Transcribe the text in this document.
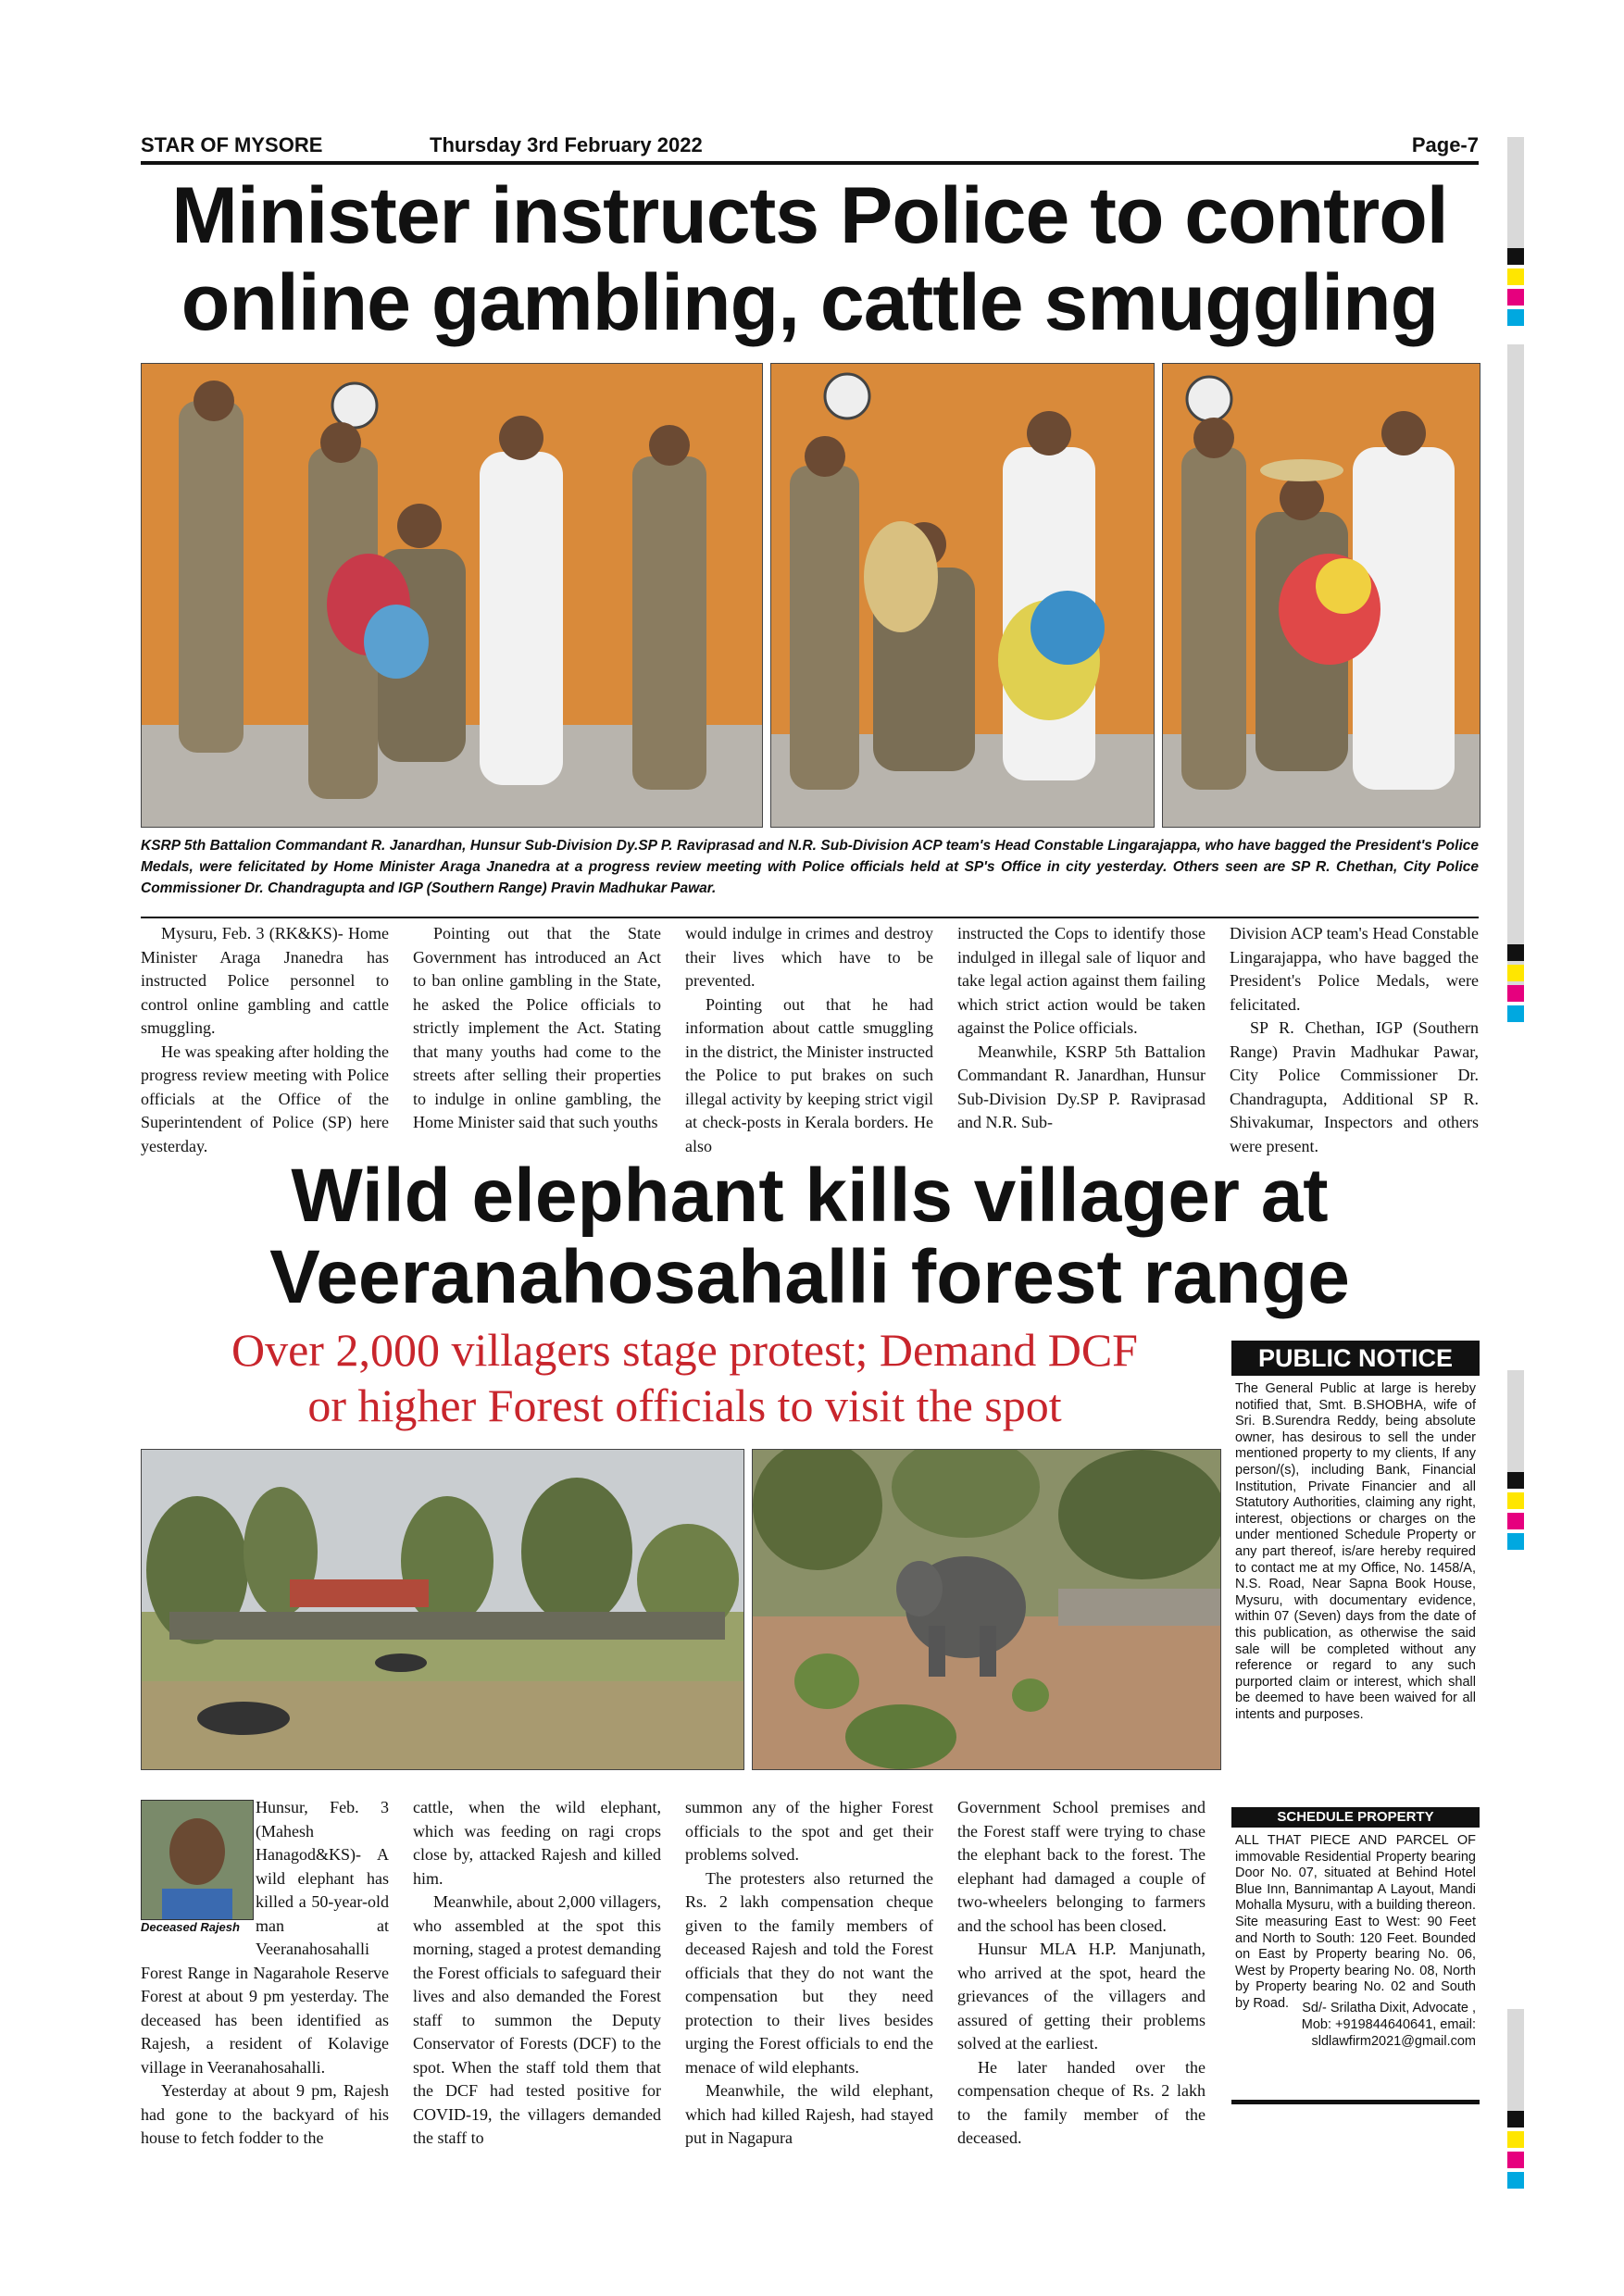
STAR OF MYSORE	Thursday 3rd February 2022	Page-7
Minister instructs Police to control
online gambling, cattle smuggling
KSRP 5th Battalion Commandant R. Janardhan, Hunsur Sub-Division Dy.SP P. Raviprasad and N.R. Sub-Division ACP team's Head Constable Lingarajappa, who have bagged the President's Police Medals, were felicitated by Home Minister Araga Jnanedra at a progress review meeting with Police officials held at SP's Office in city yesterday. Others seen are SP R. Chethan, City Police Commissioner Dr. Chandragupta and IGP (Southern Range) Pravin Madhukar Pawar.

Mysuru, Feb. 3 (RK&KS)- Home Minister Araga Jnanedra has instructed Police personnel to control online gambling and cattle smuggling.

He was speaking after holding the progress review meeting with Police officials at the Office of the Superintendent of Police (SP) here yesterday.

Pointing out that the State Government has introduced an Act to ban online gambling in the State, he asked the Police officials to strictly implement the Act. Stating that many youths had come to the streets after selling their properties to indulge in online gambling, the Home Minister said that such youths

would indulge in crimes and destroy their lives which have to be prevented.

Pointing out that he had information about cattle smuggling in the district, the Minister instructed the Police to put brakes on such illegal activity by keeping strict vigil at check-posts in Kerala borders. He also

instructed the Cops to identify those indulged in illegal sale of liquor and take legal action against them failing which strict action would be taken against the Police officials.

Meanwhile, KSRP 5th Battalion Commandant R. Janardhan, Hunsur Sub-Division Dy.SP P. Raviprasad and N.R. Sub-

Division ACP team's Head Constable Lingarajappa, who have bagged the President's Police Medals, were felicitated.

SP R. Chethan, IGP (Southern Range) Pravin Madhukar Pawar, City Police Commissioner Dr. Chandragupta, Additional SP R. Shivakumar, Inspectors and others were present.

Wild elephant kills villager at
Veeranahosahalli forest range
Over 2,000 villagers stage protest; Demand DCF
or higher Forest officials to visit the spot
Deceased Rajesh

Hunsur, Feb. 3 (Mahesh Hanagod&KS)- A wild elephant has killed a 50-year-old man at Veeranahosahalli Forest Range in Nagarahole Reserve Forest at about 9 pm yesterday. The deceased has been identified as Rajesh, a resident of Kolavige village in Veeranahosahalli.

Yesterday at about 9 pm, Rajesh had gone to the backyard of his house to fetch fodder to the

cattle, when the wild elephant, which was feeding on ragi crops close by, attacked Rajesh and killed him.

Meanwhile, about 2,000 villagers, who assembled at the spot this morning, staged a protest demanding the Forest officials to safeguard their lives and also demanded the Forest staff to summon the Deputy Conservator of Forests (DCF) to the spot. When the staff told them that the DCF had tested positive for COVID-19, the villagers demanded the staff to

summon any of the higher Forest officials to the spot and get their problems solved.

The protesters also returned the Rs. 2 lakh compensation cheque given to the family members of deceased Rajesh and told the Forest officials that they do not want the compensation but they need protection to their lives besides urging the Forest officials to end the menace of wild elephants.

Meanwhile, the wild elephant, which had killed Rajesh, had stayed put in Nagapura

Government School premises and the Forest staff were trying to chase the elephant back to the forest. The elephant had damaged a couple of two-wheelers belonging to farmers and the school has been closed.

Hunsur MLA H.P. Manjunath, who arrived at the spot, heard the grievances of the villagers and assured of getting their problems solved at the earliest.

He later handed over the compensation cheque of Rs. 2 lakh to the family member of the deceased.

PUBLIC NOTICE
The General Public at large is hereby notified that, Smt. B.SHOBHA, wife of Sri. B.Surendra Reddy, being absolute owner, has desirous to sell the under mentioned property to my clients, If any person/(s), including Bank, Financial Institution, Private Financier and all Statutory Authorities, claiming any right, interest, objections or charges on the under mentioned Schedule Property or any part thereof, is/are hereby required to contact me at my Office, No. 1458/A, N.S. Road, Near Sapna Book House, Mysuru, with documentary evidence, within 07 (Seven) days from the date of this publication, as otherwise the said sale will be completed without any reference or regard to any such purported claim or interest, which shall be deemed to have been waived for all intents and purposes.
SCHEDULE PROPERTY
ALL THAT PIECE AND PARCEL OF immovable Residential Property bearing Door No. 07, situated at Behind Hotel Blue Inn, Bannimantap A Layout, Mandi Mohalla Mysuru, with a building thereon. Site measuring East to West: 90 Feet and North to South: 120 Feet. Bounded on East by Property bearing No. 06, West by Property bearing No. 08, North by Property bearing No. 02 and South by Road. Sd/- Srilatha Dixit, Advocate ,
Mob: +919844640641, email:
sldlawfirm2021@gmail.com
